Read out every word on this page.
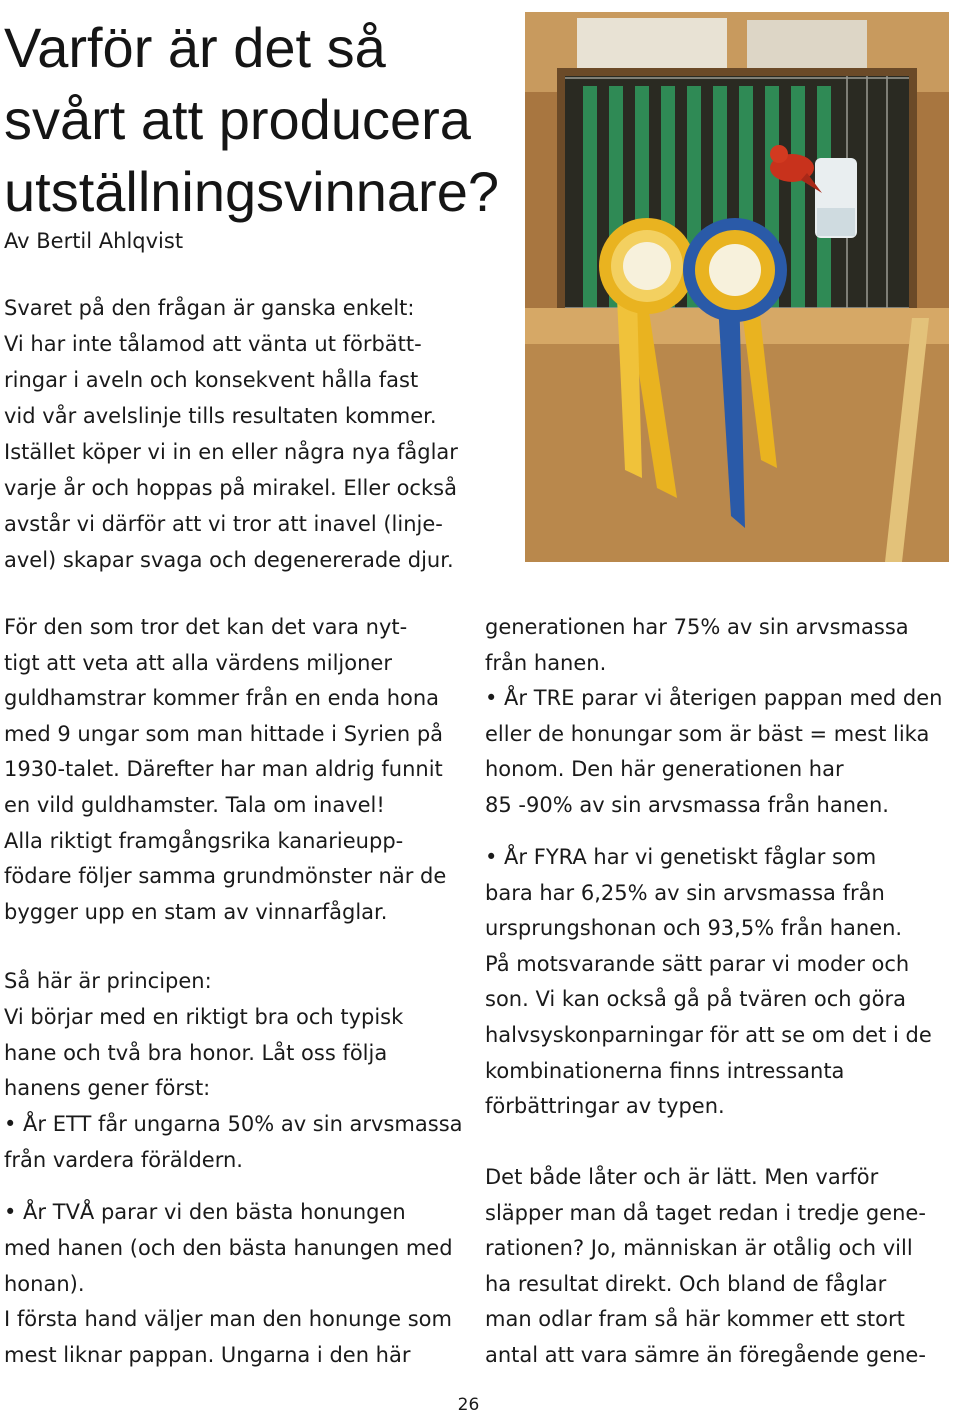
Varför är det så
svårt att producera
utställningsvinnare?
Av Bertil Ahlqvist
Svaret på den frågan är ganska enkelt:
Vi har inte tålamod att vänta ut förbätt-
ringar i aveln och konsekvent hålla fast
vid vår avelslinje tills resultaten kommer.
Istället köper vi in en eller några nya fåglar
varje år och hoppas på mirakel. Eller också
avstår vi därför att vi tror att inavel (linje-
avel) skapar svaga och degenererade djur.
För den som tror det kan det vara nyt-
tigt att veta att alla värdens miljoner
guldhamstrar kommer från en enda hona
med 9 ungar som man hittade i Syrien på
1930-talet. Därefter har man aldrig funnit
en vild guldhamster. Tala om inavel!
Alla riktigt framgångsrika kanarieupp-
födare följer samma grundmönster när de
bygger upp en stam av vinnarfåglar.
Så här är principen:
Vi börjar med en riktigt bra och typisk
hane och två bra honor. Låt oss följa
hanens gener först:
• År ETT får ungarna 50% av sin arvsmassa
från vardera föräldern.
• År TVÅ parar vi den bästa honungen
med hanen (och den bästa hanungen med
honan).
I första hand väljer man den honunge som
mest liknar pappan. Ungarna i den här
generationen har 75% av sin arvsmassa
från hanen.
• År TRE parar vi återigen pappan med den
eller de honungar som är bäst = mest lika
honom. Den här generationen har
85 -90% av sin arvsmassa från hanen.
• År FYRA har vi genetiskt fåglar som
bara har 6,25% av sin arvsmassa från
ursprungshonan och 93,5% från hanen.
På motsvarande sätt parar vi moder och
son. Vi kan också gå på tvären och göra
halvsyskonparningar för att se om det i de
kombinationerna finns intressanta
förbättringar av typen.
Det både låter och är lätt. Men varför
släpper man då taget redan i tredje gene-
rationen? Jo, människan är otålig och vill
ha resultat direkt. Och bland de fåglar
man odlar fram så här kommer ett stort
antal att vara sämre än föregående gene-
26
